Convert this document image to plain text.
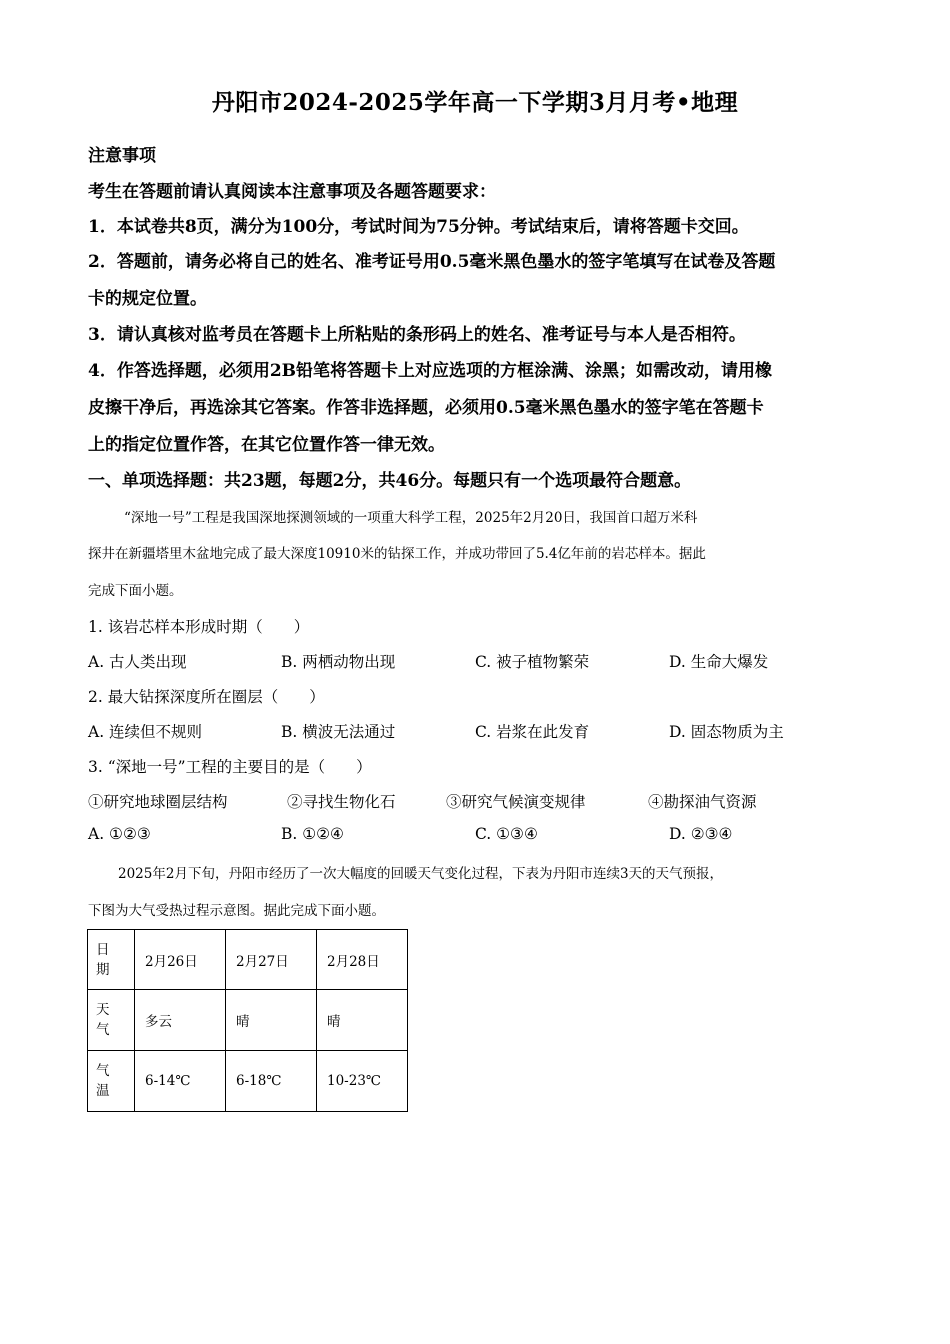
丹阳市2024-2025学年高一下学期3月月考•地理
注意事项
考生在答题前请认真阅读本注意事项及各题答题要求：
1．本试卷共8页，满分为100分，考试时间为75分钟。考试结束后，请将答题卡交回。
2．答题前，请务必将自己的姓名、准考证号用0.5毫米黑色墨水的签字笔填写在试卷及答题
卡的规定位置。
3．请认真核对监考员在答题卡上所粘贴的条形码上的姓名、准考证号与本人是否相符。
4．作答选择题，必须用2B铅笔将答题卡上对应选项的方框涂满、涂黑；如需改动，请用橡
皮擦干净后，再选涂其它答案。作答非选择题，必须用0.5毫米黑色墨水的签字笔在答题卡
上的指定位置作答，在其它位置作答一律无效。
一、单项选择题：共23题，每题2分，共46分。每题只有一个选项最符合题意。
“深地一号”工程是我国深地探测领域的一项重大科学工程，2025年2月20日，我国首口超万米科
探井在新疆塔里木盆地完成了最大深度10910米的钻探工作，并成功带回了5.4亿年前的岩芯样本。据此
完成下面小题。
1. 该岩芯样本形成时期（　　）
A. 古人类出现	B. 两栖动物出现	C. 被子植物繁荣	D. 生命大爆发
2. 最大钻探深度所在圈层（　　）
A. 连续但不规则	B. 横波无法通过	C. 岩浆在此发育	D. 固态物质为主
3. “深地一号”工程的主要目的是（　　）
①研究地球圈层结构	②寻找生物化石	③研究气候演变规律	④勘探油气资源
A. ①②③	B. ①②④	C. ①③④	D. ②③④
2025年2月下旬，丹阳市经历了一次大幅度的回暖天气变化过程，下表为丹阳市连续3天的天气预报，
下图为大气受热过程示意图。据此完成下面小题。
日
期	2月26日	2月27日	2月28日

天
气	多云	晴	晴

气
温	6-14℃	6-18℃	10-23℃
